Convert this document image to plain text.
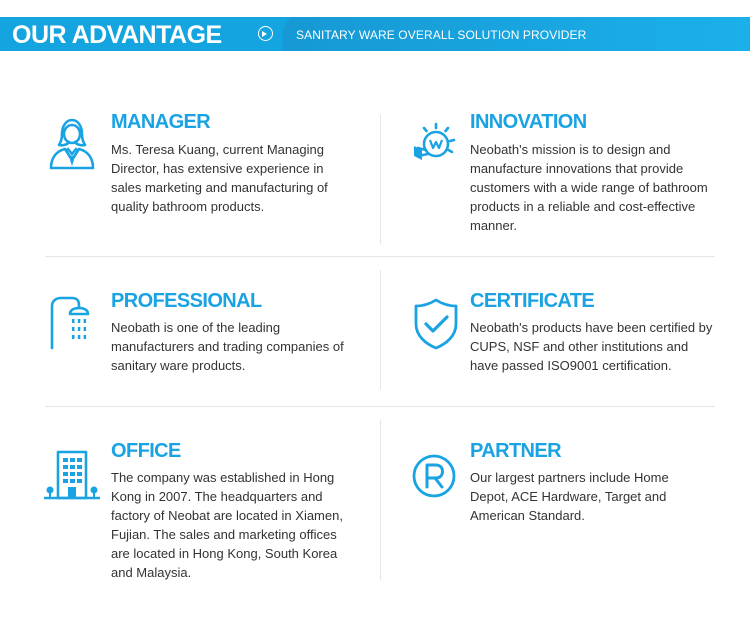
OUR ADVANTAGE	SANITARY WARE OVERALL SOLUTION PROVIDER
MANAGER
Ms. Teresa Kuang, current Managing Director, has extensive experience in sales marketing and manufacturing of quality bathroom products.
INNOVATION
Neobath's mission is to design and manufacture innovations that provide customers with a wide range of bathroom products in a reliable and cost-effective manner.
PROFESSIONAL
Neobath is one of the leading manufacturers and trading companies of sanitary ware products.
CERTIFICATE
Neobath's products have been certified by CUPS, NSF and other institutions and have passed ISO9001 certification.
OFFICE
The company was established in Hong Kong in 2007. The headquarters and factory of Neobat are located in Xiamen, Fujian. The sales and marketing offices are located in Hong Kong, South Korea and Malaysia.
PARTNER
Our largest partners include Home Depot, ACE Hardware, Target and American Standard.
